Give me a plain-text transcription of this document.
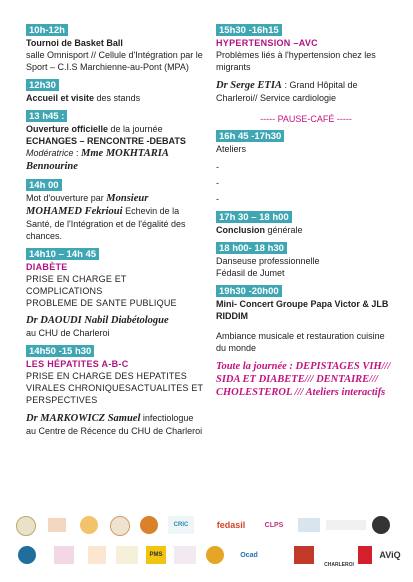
10h-12h
Tournoi de Basket Ball
salle Omnisport // Cellule d'Intégration par le Sport – C.I.S Marchienne-au-Pont (MPA)
12h30
Accueil et visite des stands
13 h45 :
Ouverture officielle de la journée
ECHANGES – RENCONTRE -DEBATS
Modératrice : Mme MOKHTARIA Bennourine
14h 00
Mot d'ouverture par Monsieur MOHAMED Fekrioui Echevin de la Santé, de l'Intégration et de l'égalité des chances.
14h10 – 14h 45
DIABÈTE
PRISE EN CHARGE ET COMPLICATIONS
PROBLEME DE SANTE PUBLIQUE
Dr DAOUDI Nabil Diabétologue
au CHU de Charleroi
14h50 -15 h30
LES HÉPATITES A-B-C
PRISE EN CHARGE DES HEPATITES VIRALES CHRONIQUESACTUALITES ET PERSPECTIVES
Dr MARKOWICZ Samuel infectiologue au Centre de Récence du CHU de Charleroi
15h30 -16h15
HYPERTENSION –AVC
Problèmes liés à l'hypertension chez les migrants
Dr Serge ETIA : Grand Hôpital de Charleroi// Service cardiologie
----- PAUSE-CAFÉ -----
16h 45 -17h30
Ateliers
-
-
-
17h 30 – 18 h00
Conclusion générale
18 h00- 18 h30
Danseuse professionnelle
Fédasil de Jumet
19h30 -20h00
Mini- Concert Groupe Papa Victor & JLB RIDDIM
Ambiance musicale et restauration cuisine du monde
Toute la journée : DEPISTAGES VIH/// SIDA ET DIABETE/// DENTAIRE/// CHOLESTEROL /// Ateliers interactifs
CRIC	fedasil	CLPS
PMS	Ocad
CHARLEROI
AViQ
